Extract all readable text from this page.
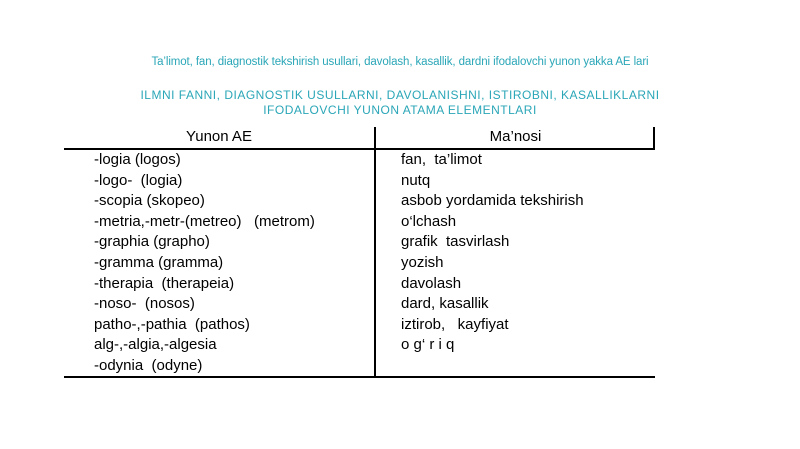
Ta’limot, fan, diagnostik tekshirish usullari, davolash, kasallik, dardni ifodalovchi yunon yakka AE lari
ILMNI FANNI, DIAGNOSTIK USULLARNI, DAVOLANISHNI, ISTIROBNI, KASALLIKLARNI
IFODALOVCHI YUNON ATAMA ELEMENTLARI
Yunon AE	Ma’nosi
-logia (logos)
-logo-  (logia)
-scopia (skopeo)
-metria,-metr-(metreo)   (metrom)
-graphia (grapho)
-gramma (gramma)
-therapia  (therapeia)
-noso-  (nosos)
patho-,-pathia  (pathos)
alg-,-algia,-algesia
-odynia  (odyne)
fan,  ta’limot
nutq
asbob yordamida tekshirish
o‘lchash
grafik  tasvirlash
yozish
davolash
dard, kasallik
iztirob,   kayfiyat
o g‘ r i q
